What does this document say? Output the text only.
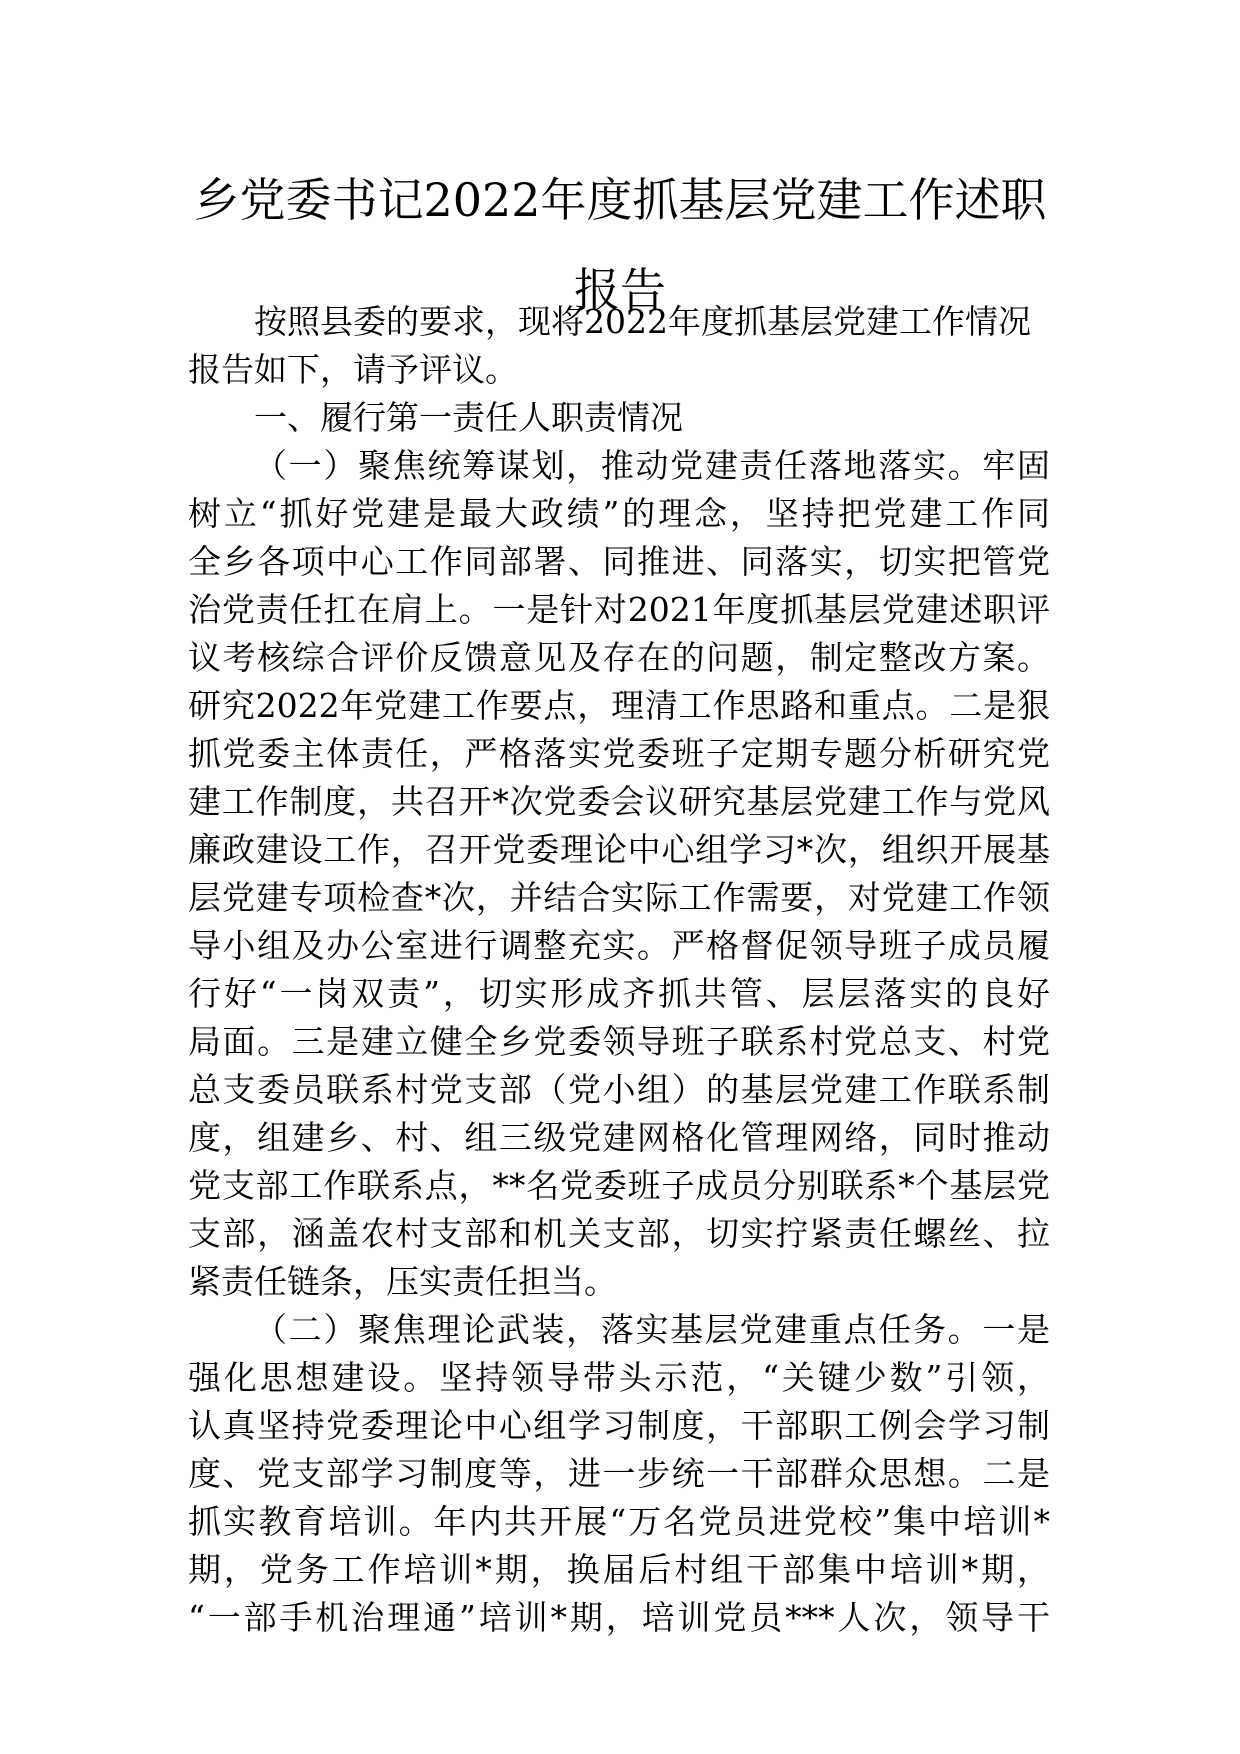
乡党委书记2022年度抓基层党建工作述职
报告

按照县委的要求，现将2022年度抓基层党建工作情况

报告如下，请予评议。

一、履行第一责任人职责情况

（一）聚焦统筹谋划，推动党建责任落地落实。牢固

树立“抓好党建是最大政绩”的理念，坚持把党建工作同

全乡各项中心工作同部署、同推进、同落实，切实把管党

治党责任扛在肩上。一是针对2021年度抓基层党建述职评

议考核综合评价反馈意见及存在的问题，制定整改方案。

研究2022年党建工作要点，理清工作思路和重点。二是狠

抓党委主体责任，严格落实党委班子定期专题分析研究党

建工作制度，共召开*次党委会议研究基层党建工作与党风

廉政建设工作，召开党委理论中心组学习*次，组织开展基

层党建专项检查*次，并结合实际工作需要，对党建工作领

导小组及办公室进行调整充实。严格督促领导班子成员履

行好“一岗双责”，切实形成齐抓共管、层层落实的良好

局面。三是建立健全乡党委领导班子联系村党总支、村党

总支委员联系村党支部（党小组）的基层党建工作联系制

度，组建乡、村、组三级党建网格化管理网络，同时推动

党支部工作联系点，**名党委班子成员分别联系*个基层党

支部，涵盖农村支部和机关支部，切实拧紧责任螺丝、拉

紧责任链条，压实责任担当。

（二）聚焦理论武装，落实基层党建重点任务。一是

强化思想建设。坚持领导带头示范，“关键少数”引领，

认真坚持党委理论中心组学习制度，干部职工例会学习制

度、党支部学习制度等，进一步统一干部群众思想。二是

抓实教育培训。年内共开展“万名党员进党校”集中培训*

期，党务工作培训*期，换届后村组干部集中培训*期，

“一部手机治理通”培训*期，培训党员***人次，领导干
